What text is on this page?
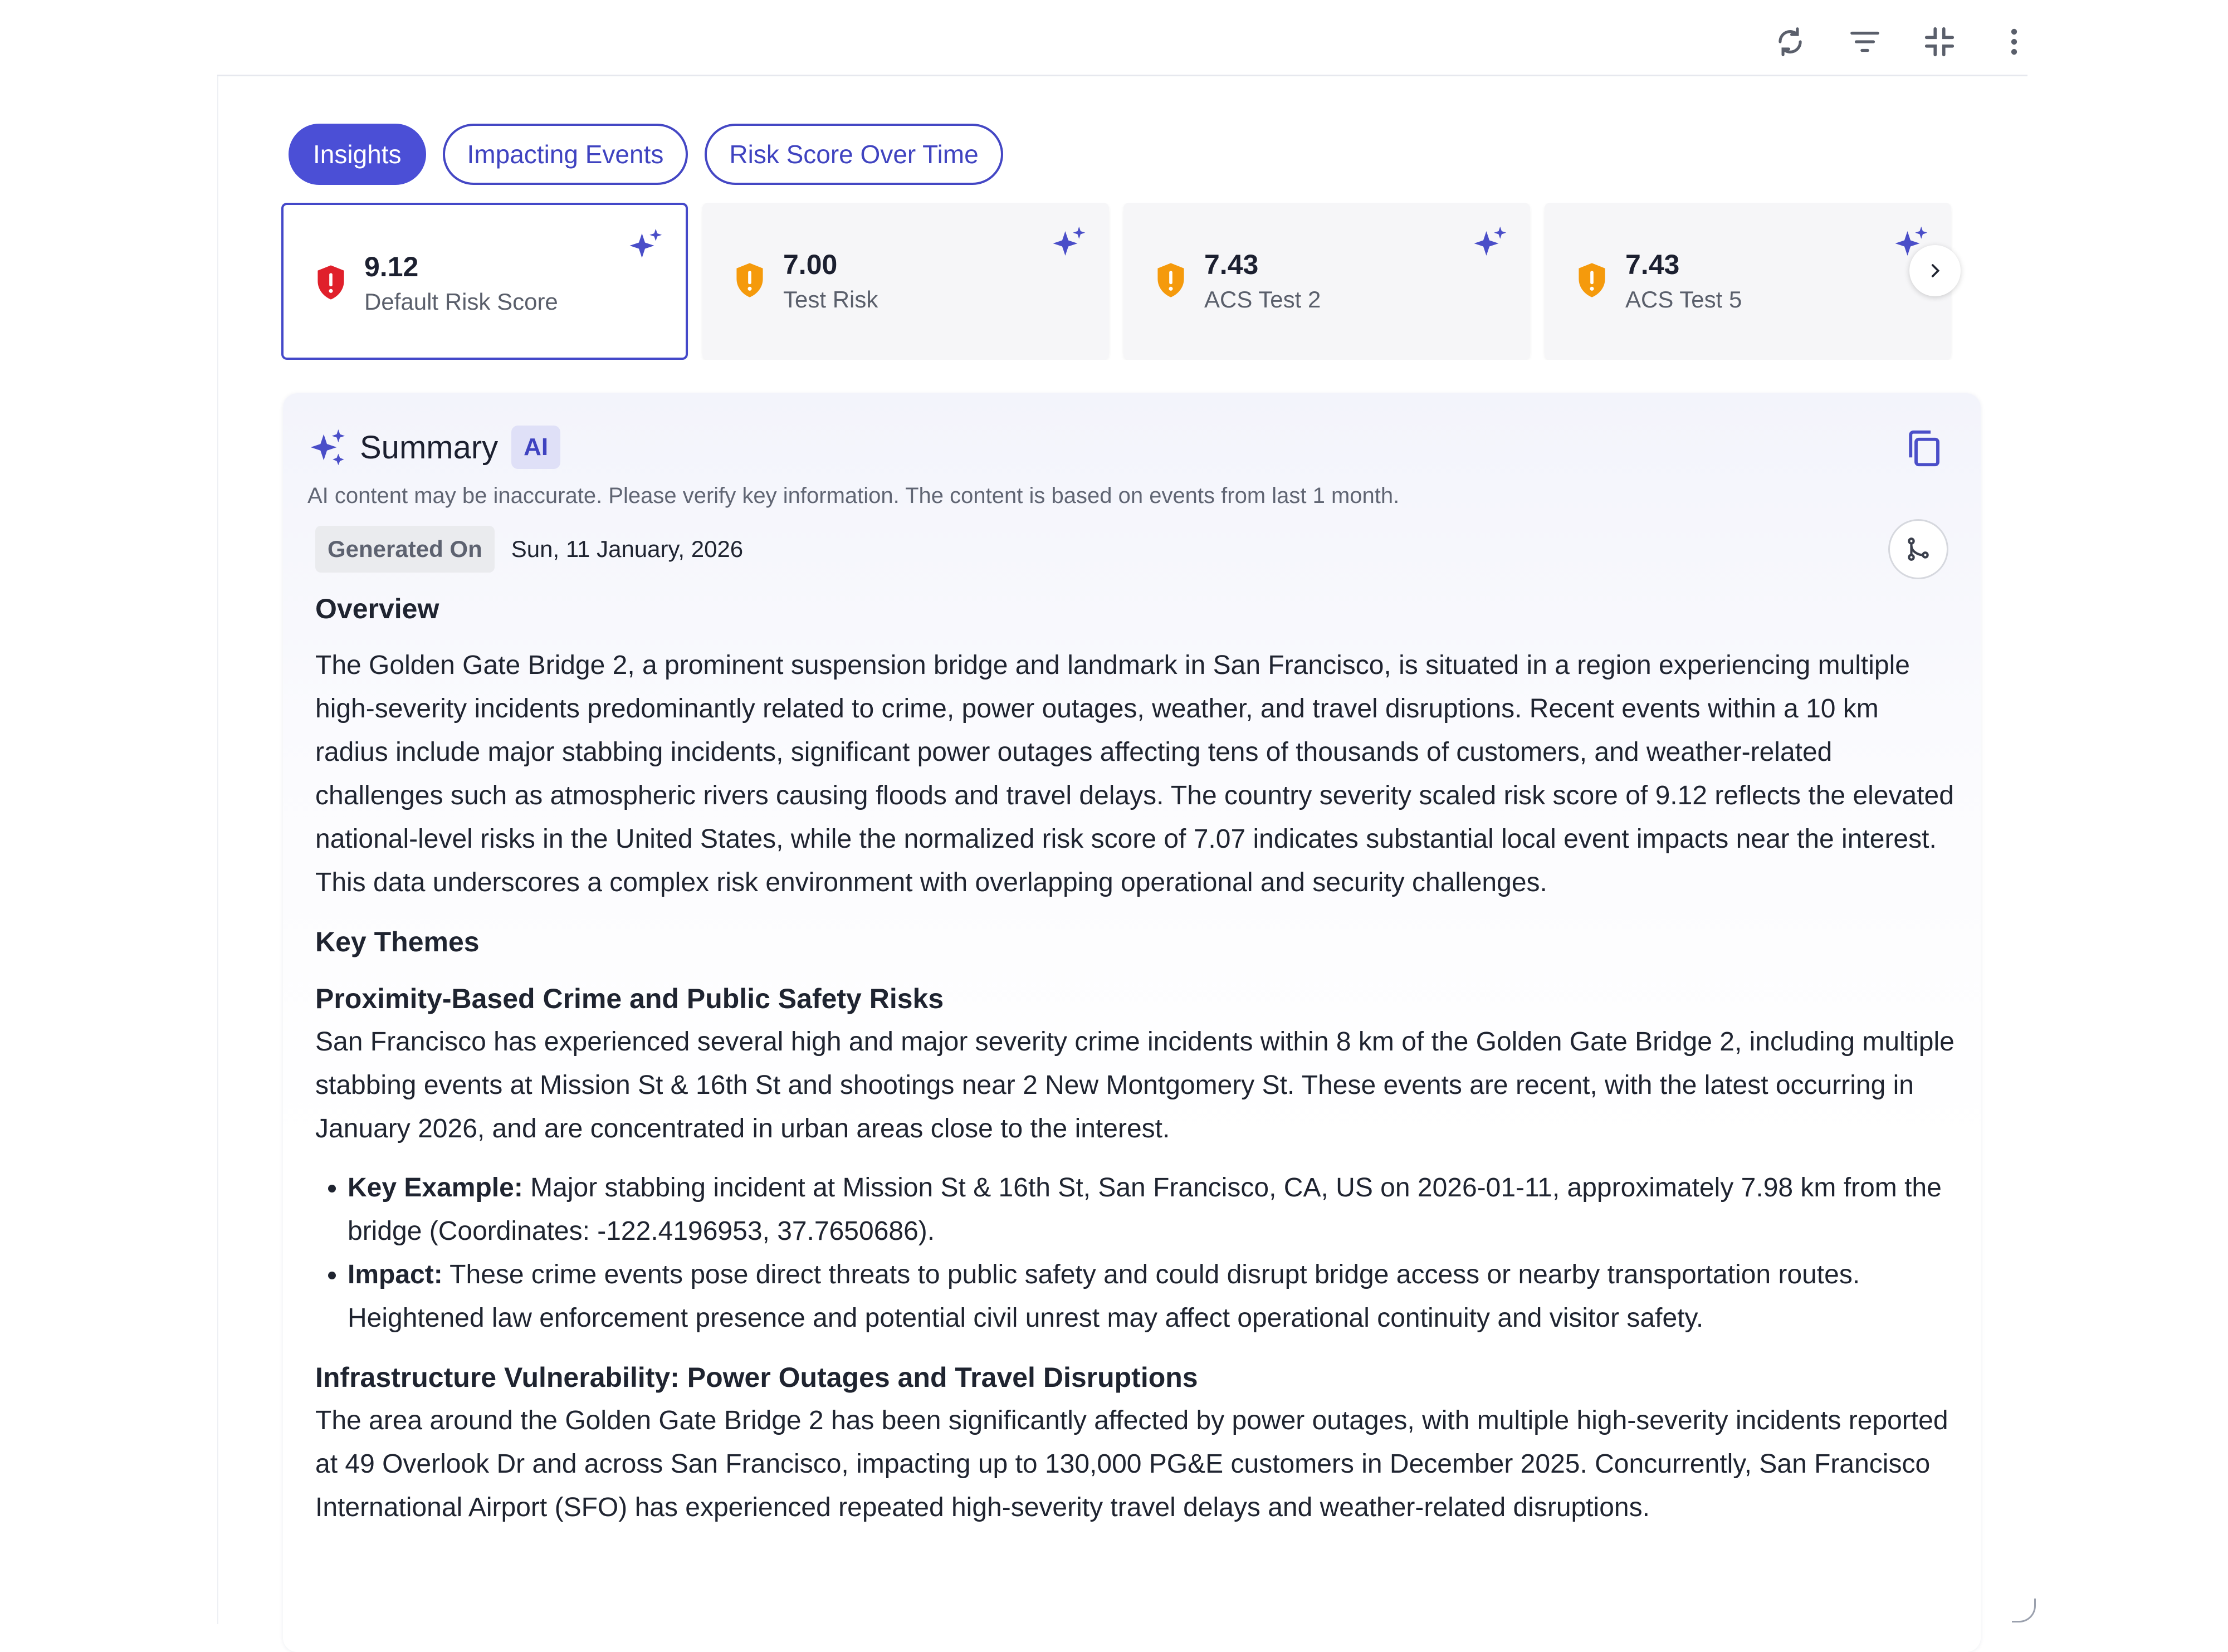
Insights	Impacting Events	Risk Score Over Time
9.12
Default Risk Score
7.00
Test Risk
7.43
ACS Test 2
7.43
ACS Test 5
Summary	AI
AI content may be inaccurate. Please verify key information. The content is based on events from last 1 month.
Generated On	Sun, 11 January, 2026
Overview

The Golden Gate Bridge 2, a prominent suspension bridge and landmark in San Francisco, is situated in a region experiencing multiple high-severity incidents predominantly related to crime, power outages, weather, and travel disruptions. Recent events within a 10 km radius include major stabbing incidents, significant power outages affecting tens of thousands of customers, and weather-related challenges such as atmospheric rivers causing floods and travel delays. The country severity scaled risk score of 9.12 reflects the elevated national-level risks in the United States, while the normalized risk score of 7.07 indicates substantial local event impacts near the interest. This data underscores a complex risk environment with overlapping operational and security challenges.

Key Themes
Proximity-Based Crime and Public Safety Risks

San Francisco has experienced several high and major severity crime incidents within 8 km of the Golden Gate Bridge 2, including multiple stabbing events at Mission St & 16th St and shootings near 2 New Montgomery St. These events are recent, with the latest occurring in January 2026, and are concentrated in urban areas close to the interest.

• Key Example: Major stabbing incident at Mission St & 16th St, San Francisco, CA, US on 2026-01-11, approximately 7.98 km from the bridge (Coordinates: -122.4196953, 37.7650686).
• Impact: These crime events pose direct threats to public safety and could disrupt bridge access or nearby transportation routes. Heightened law enforcement presence and potential civil unrest may affect operational continuity and visitor safety.
Infrastructure Vulnerability: Power Outages and Travel Disruptions

The area around the Golden Gate Bridge 2 has been significantly affected by power outages, with multiple high-severity incidents reported at 49 Overlook Dr and across San Francisco, impacting up to 130,000 PG&E customers in December 2025. Concurrently, San Francisco International Airport (SFO) has experienced repeated high-severity travel delays and weather-related disruptions.
